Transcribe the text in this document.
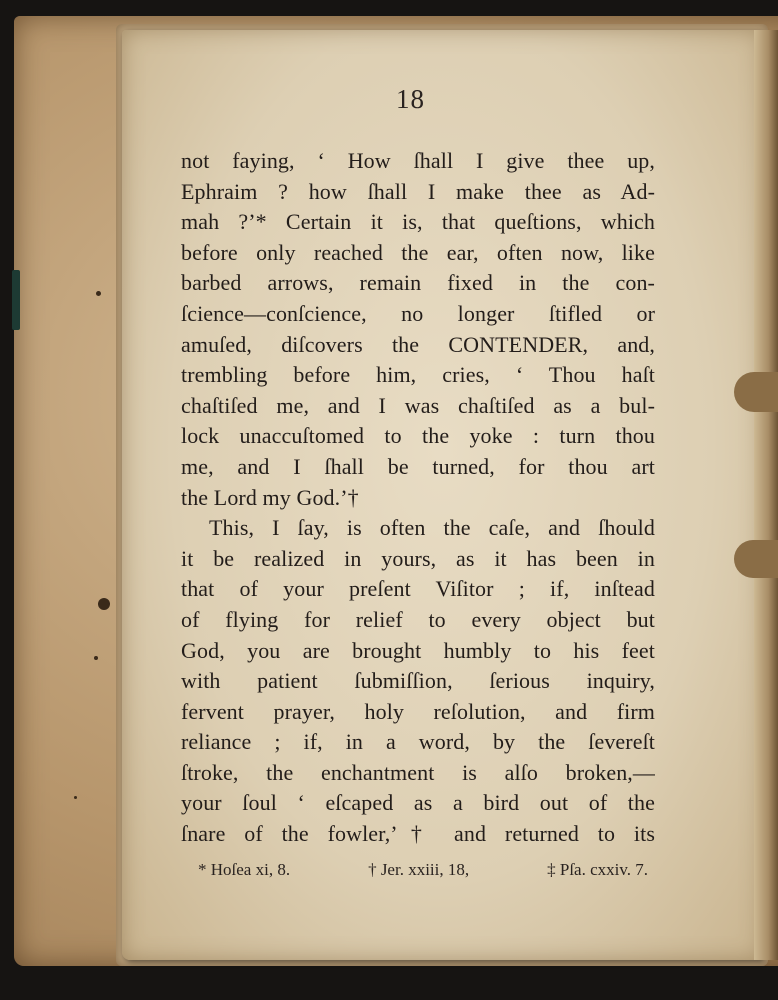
18
not faying, ‘ How ſhall I give thee up,
Ephraim ? how ſhall I make thee as Ad-
mah ?’* Certain it is, that queſtions, which
before only reached the ear, often now, like
barbed arrows, remain fixed in the con-
ſcience—conſcience, no longer ſtifled or
amuſed, diſcovers the CONTENDER, and,
trembling before him, cries, ‘ Thou haſt
chaſtiſed me, and I was chaſtiſed as a bul-
lock unaccuſtomed to the yoke : turn thou
me, and I ſhall be turned, for thou art
the Lord my God.’†
This, I ſay, is often the caſe, and ſhould
it be realized in yours, as it has been in
that of your preſent Viſitor ; if, inſtead
of flying for relief to every object but
God, you are brought humbly to his feet
with patient ſubmiſſion, ſerious inquiry,
fervent prayer, holy reſolution, and firm
reliance ; if, in a word, by the ſevereſt
ſtroke, the enchantment is alſo broken,—
your ſoul ‘ eſcaped as a bird out of the
ſnare of the fowler,’† and returned to its
* Hoſea xi, 8.	† Jer. xxiii, 18,	‡ Pſa. cxxiv. 7.
